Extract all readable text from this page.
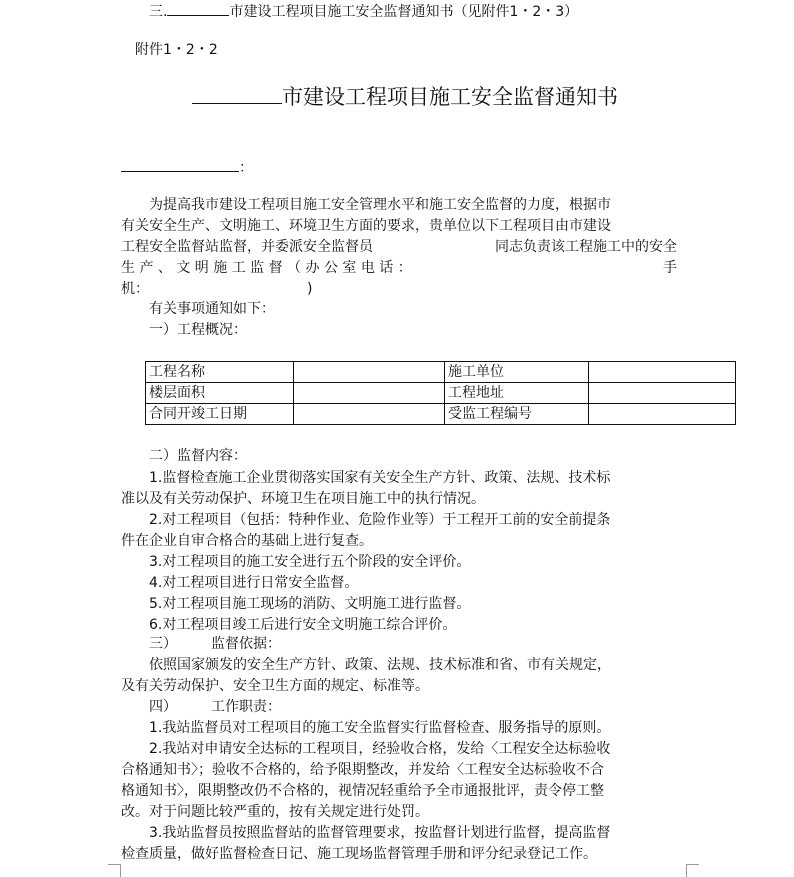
三.	市建设工程项目施工安全监督通知书（见附件1・2・3）
附件1・2・2
市建设工程项目施工安全监督通知书
：
为提高我市建设工程项目施工安全管理水平和施工安全监督的力度，根据市
有关安全生产、文明施工、环境卫生方面的要求，贵单位以下工程项目由市建设
工程安全监督站监督，并委派安全监督员	同志负责该工程施工中的安全
生 产 、 文 明 施 工 监 督 （ 办 公 室 电 话 ：	手
机：	)
有关事项通知如下：
一）工程概况：
工程名称		施工单位	
楼层面积		工程地址	
合同开竣工日期		受监工程编号	
二）监督内容：
1.监督检查施工企业贯彻落实国家有关安全生产方针、政策、法规、技术标
准以及有关劳动保护、环境卫生在项目施工中的执行情况。
2.对工程项目（包括：特种作业、危险作业等）于工程开工前的安全前提条
件在企业自审合格合的基础上进行复查。
3.对工程项目的施工安全进行五个阶段的安全评价。
4.对工程项目进行日常安全监督。
5.对工程项目施工现场的消防、文明施工进行监督。
6.对工程项目竣工后进行安全文明施工综合评价。
三） 监督依据：
依照国家颁发的安全生产方针、政策、法规、技术标准和省、市有关规定，
及有关劳动保护、安全卫生方面的规定、标准等。
四） 工作职责：
1.我站监督员对工程项目的施工安全监督实行监督检查、服务指导的原则。
2.我站对申请安全达标的工程项目，经验收合格，发给〈工程安全达标验收
合格通知书〉；验收不合格的，给予限期整改，并发给〈工程安全达标验收不合
格通知书〉，限期整改仍不合格的，视情况轻重给予全市通报批评，责令停工整
改。对于问题比较严重的，按有关规定进行处罚。
3.我站监督员按照监督站的监督管理要求，按监督计划进行监督，提高监督
检查质量，做好监督检查日记、施工现场监督管理手册和评分纪录登记工作。
